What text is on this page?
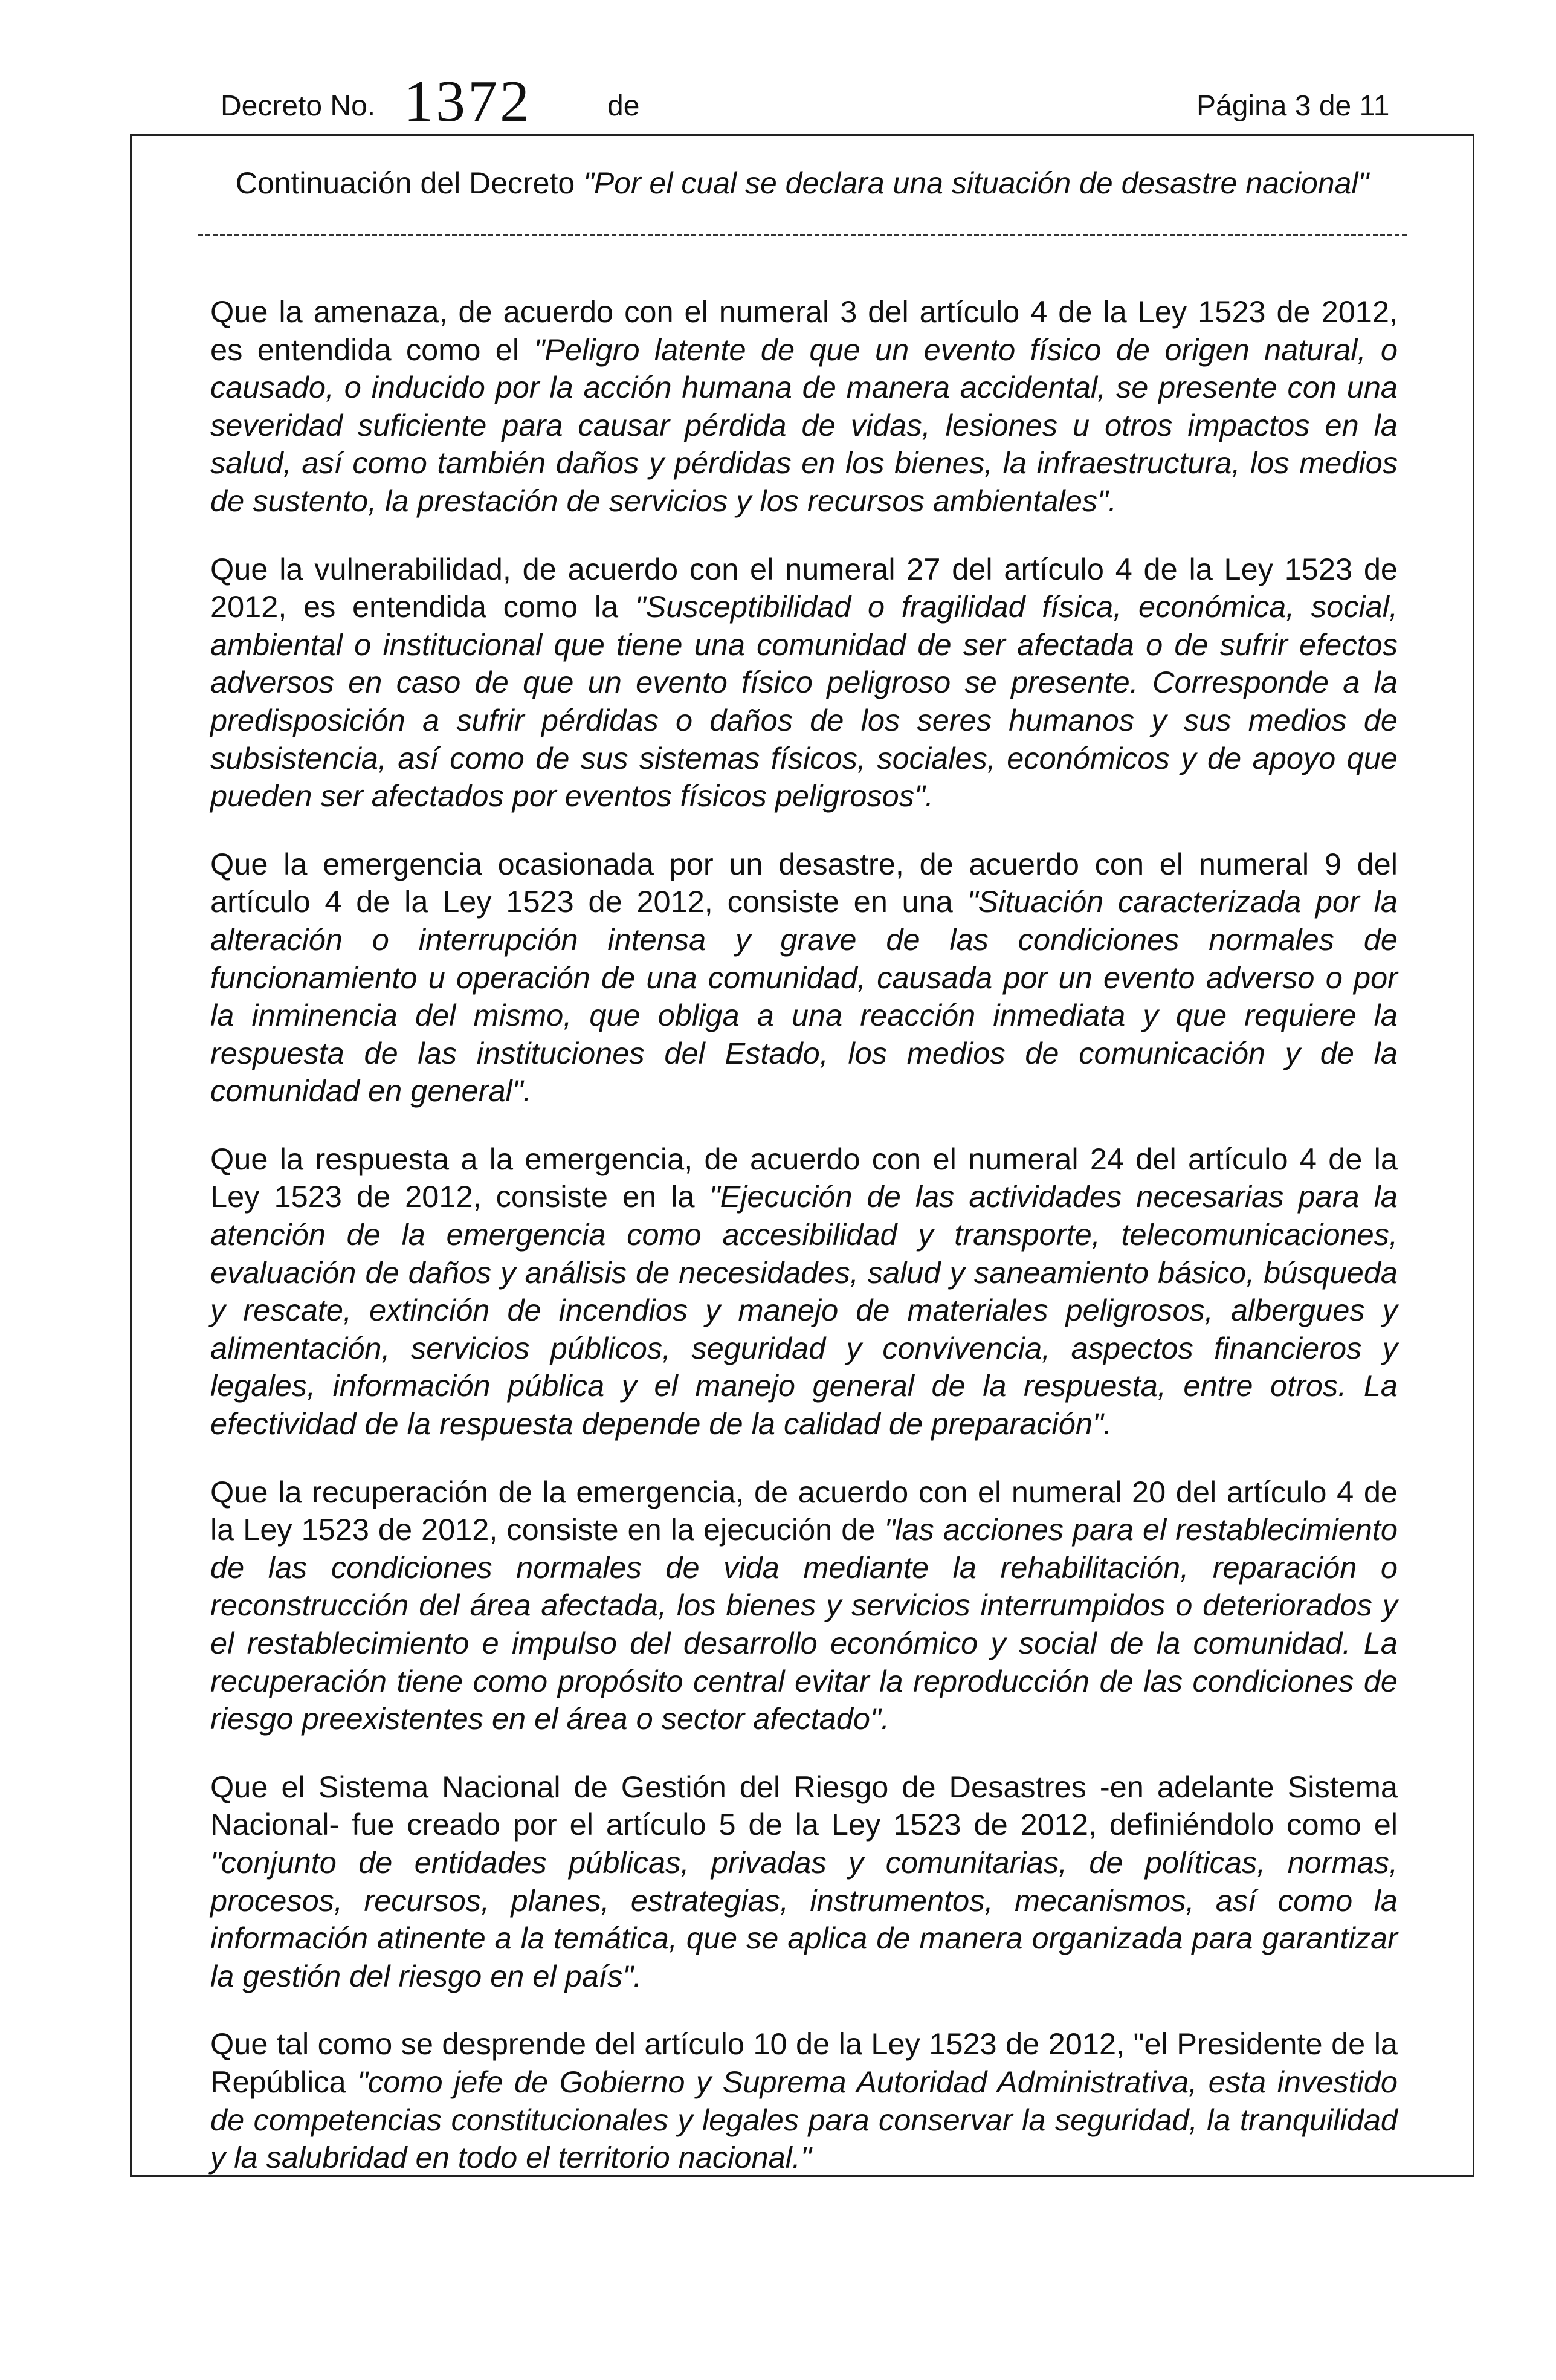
Decreto No. 1372	de	Página 3 de 11
Continuación del Decreto "Por el cual se declara una situación de desastre nacional"

Que la amenaza, de acuerdo con el numeral 3 del artículo 4 de la Ley 1523 de 2012, es entendida como el "Peligro latente de que un evento físico de origen natural, o causado, o inducido por la acción humana de manera accidental, se presente con una severidad suficiente para causar pérdida de vidas, lesiones u otros impactos en la salud, así como también daños y pérdidas en los bienes, la infraestructura, los medios de sustento, la prestación de servicios y los recursos ambientales".

Que la vulnerabilidad, de acuerdo con el numeral 27 del artículo 4 de la Ley 1523 de 2012, es entendida como la "Susceptibilidad o fragilidad física, económica, social, ambiental o institucional que tiene una comunidad de ser afectada o de sufrir efectos adversos en caso de que un evento físico peligroso se presente. Corresponde a la predisposición a sufrir pérdidas o daños de los seres humanos y sus medios de subsistencia, así como de sus sistemas físicos, sociales, económicos y de apoyo que pueden ser afectados por eventos físicos peligrosos".

Que la emergencia ocasionada por un desastre, de acuerdo con el numeral 9 del artículo 4 de la Ley 1523 de 2012, consiste en una "Situación caracterizada por la alteración o interrupción intensa y grave de las condiciones normales de funcionamiento u operación de una comunidad, causada por un evento adverso o por la inminencia del mismo, que obliga a una reacción inmediata y que requiere la respuesta de las instituciones del Estado, los medios de comunicación y de la comunidad en general".

Que la respuesta a la emergencia, de acuerdo con el numeral 24 del artículo 4 de la Ley 1523 de 2012, consiste en la "Ejecución de las actividades necesarias para la atención de la emergencia como accesibilidad y transporte, telecomunicaciones, evaluación de daños y análisis de necesidades, salud y saneamiento básico, búsqueda y rescate, extinción de incendios y manejo de materiales peligrosos, albergues y alimentación, servicios públicos, seguridad y convivencia, aspectos financieros y legales, información pública y el manejo general de la respuesta, entre otros. La efectividad de la respuesta depende de la calidad de preparación".

Que la recuperación de la emergencia, de acuerdo con el numeral 20 del artículo 4 de la Ley 1523 de 2012, consiste en la ejecución de "las acciones para el restablecimiento de las condiciones normales de vida mediante la rehabilitación, reparación o reconstrucción del área afectada, los bienes y servicios interrumpidos o deteriorados y el restablecimiento e impulso del desarrollo económico y social de la comunidad. La recuperación tiene como propósito central evitar la reproducción de las condiciones de riesgo preexistentes en el área o sector afectado".

Que el Sistema Nacional de Gestión del Riesgo de Desastres -en adelante Sistema Nacional- fue creado por el artículo 5 de la Ley 1523 de 2012, definiéndolo como el "conjunto de entidades públicas, privadas y comunitarias, de políticas, normas, procesos, recursos, planes, estrategias, instrumentos, mecanismos, así como la información atinente a la temática, que se aplica de manera organizada para garantizar la gestión del riesgo en el país".

Que tal como se desprende del artículo 10 de la Ley 1523 de 2012, "el Presidente de la República "como jefe de Gobierno y Suprema Autoridad Administrativa, esta investido de competencias constitucionales y legales para conservar la seguridad, la tranquilidad y la salubridad en todo el territorio nacional."
